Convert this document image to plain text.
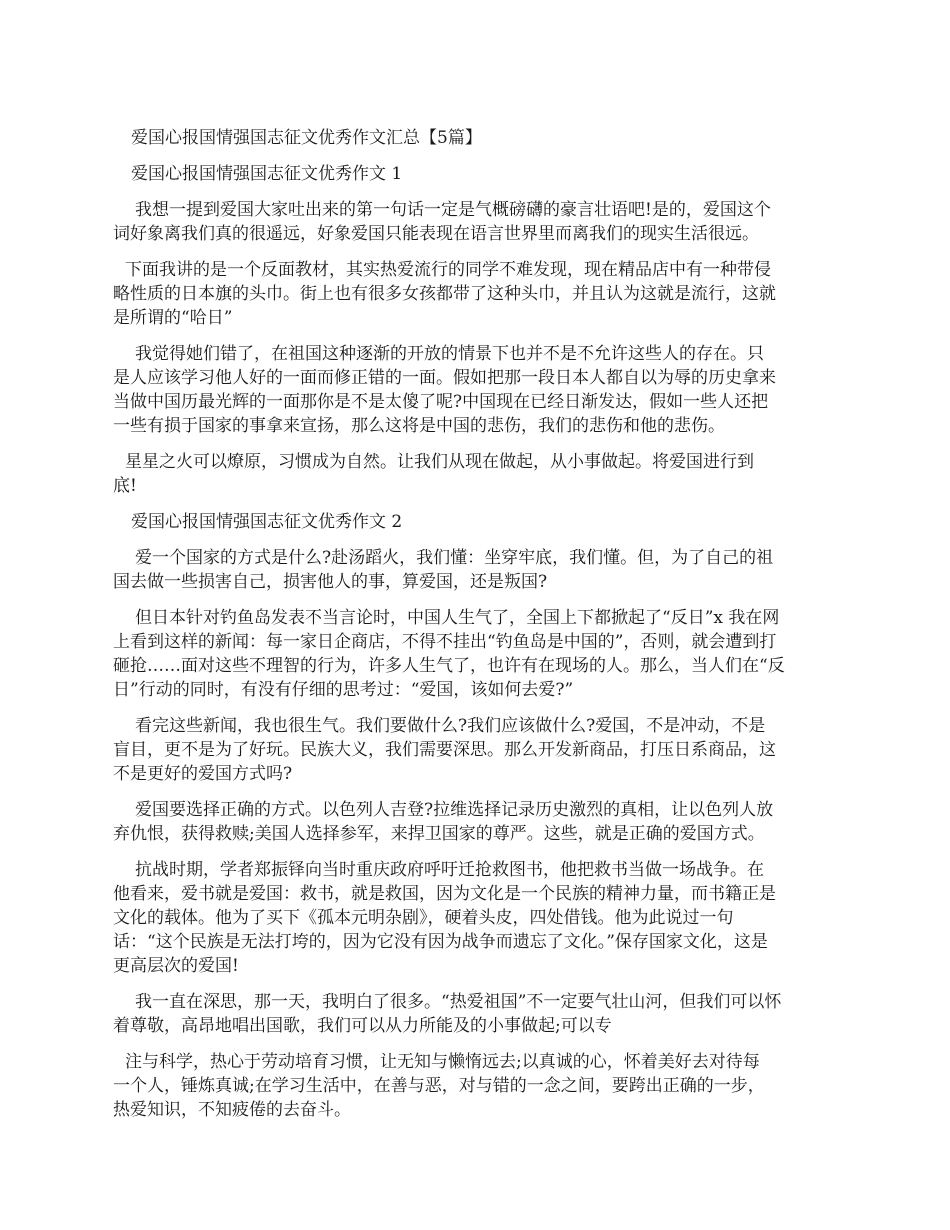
爱国心报国情强国志征文优秀作文汇总【5篇】

爱国心报国情强国志征文优秀作文 1

我想一提到爱国大家吐出来的第一句话一定是气概磅礴的豪言壮语吧!是的，爱国这个
词好象离我们真的很遥远，好象爱国只能表现在语言世界里而离我们的现实生活很远。
下面我讲的是一个反面教材，其实热爱流行的同学不难发现，现在精品店中有一种带侵
略性质的日本旗的头巾。街上也有很多女孩都带了这种头巾，并且认为这就是流行，这就
是所谓的“哈日”
我觉得她们错了，在祖国这种逐渐的开放的情景下也并不是不允许这些人的存在。只
是人应该学习他人好的一面而修正错的一面。假如把那一段日本人都自以为辱的历史拿来
当做中国历最光辉的一面那你是不是太傻了呢?中国现在已经日渐发达，假如一些人还把
一些有损于国家的事拿来宣扬，那么这将是中国的悲伤，我们的悲伤和他的悲伤。
星星之火可以燎原，习惯成为自然。让我们从现在做起，从小事做起。将爱国进行到
底!

爱国心报国情强国志征文优秀作文 2

爱一个国家的方式是什么?赴汤蹈火，我们懂：坐穿牢底，我们懂。但，为了自己的祖
国去做一些损害自己，损害他人的事，算爱国，还是叛国?
但日本针对钓鱼岛发表不当言论时，中国人生气了，全国上下都掀起了“反日”x 我在网
上看到这样的新闻：每一家日企商店，不得不挂出“钓鱼岛是中国的”，否则，就会遭到打
砸抢……面对这些不理智的行为，许多人生气了，也许有在现场的人。那么，当人们在“反
日”行动的同时，有没有仔细的思考过：“爱国，该如何去爱?”
看完这些新闻，我也很生气。我们要做什么?我们应该做什么?爱国，不是冲动，不是
盲目，更不是为了好玩。民族大义，我们需要深思。那么开发新商品，打压日系商品，这
不是更好的爱国方式吗?
爱国要选择正确的方式。以色列人吉登?拉维选择记录历史激烈的真相，让以色列人放
弃仇恨，获得救赎;美国人选择参军，来捍卫国家的尊严。这些，就是正确的爱国方式。
抗战时期，学者郑振铎向当时重庆政府呼吁迁抢救图书，他把救书当做一场战争。在
他看来，爱书就是爱国：救书，就是救国，因为文化是一个民族的精神力量，而书籍正是
文化的载体。他为了买下《孤本元明杂剧》，硬着头皮，四处借钱。他为此说过一句
话：“这个民族是无法打垮的，因为它没有因为战争而遗忘了文化。”保存国家文化，这是
更高层次的爱国!
我一直在深思，那一天，我明白了很多。“热爱祖国”不一定要气壮山河，但我们可以怀
着尊敬，高昂地唱出国歌，我们可以从力所能及的小事做起;可以专
注与科学，热心于劳动培育习惯，让无知与懒惰远去;以真诚的心，怀着美好去对待每
一个人，锤炼真诚;在学习生活中，在善与恶，对与错的一念之间，要跨出正确的一步，
热爱知识，不知疲倦的去奋斗。
